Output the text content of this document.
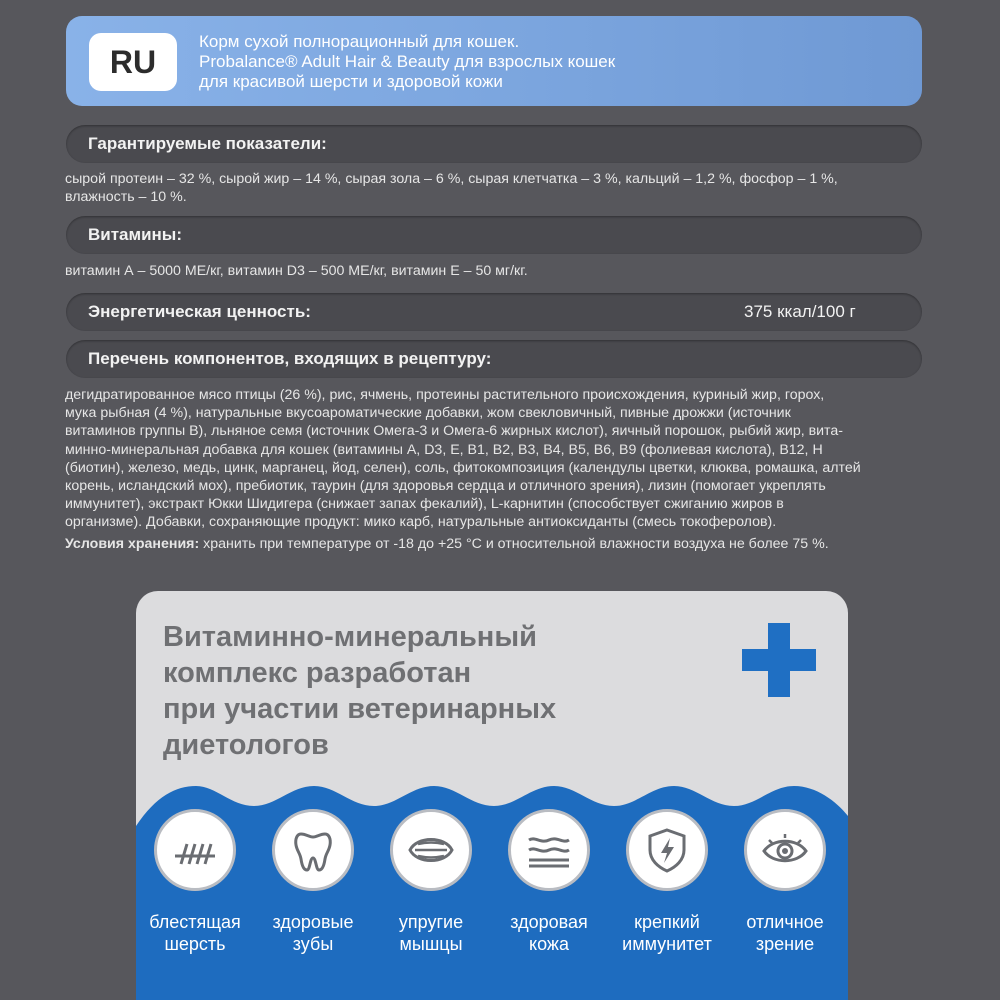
RU
Корм сухой полнорационный для кошек.
Probalance® Adult Hair & Beauty для взрослых кошек
для красивой шерсти и здоровой кожи
Гарантируемые показатели:
сырой протеин – 32 %, сырой жир – 14 %, сырая зола – 6 %, сырая клетчатка – 3 %, кальций – 1,2 %, фосфор – 1 %,
влажность – 10 %.
Витамины:
витамин А – 5000 МЕ/кг, витамин D3 – 500 МЕ/кг, витамин Е – 50 мг/кг.
Энергетическая ценность:	375 ккал/100 г
Перечень компонентов, входящих в рецептуру:
дегидратированное мясо птицы (26 %), рис, ячмень, протеины растительного происхождения, куриный жир, горох,
мука рыбная (4 %), натуральные вкусоароматические добавки, жом свекловичный, пивные дрожжи (источник
витаминов группы В), льняное семя (источник Омега-3 и Омега-6 жирных кислот), яичный порошок, рыбий жир, вита-
минно-минеральная добавка для кошек (витамины A, D3, E, B1, B2, B3, B4, B5, B6, B9 (фолиевая кислота), B12, H
(биотин), железо, медь, цинк, марганец, йод, селен), соль, фитокомпозиция (календулы цветки, клюква, ромашка, алтей
корень, исландский мох), пребиотик, таурин (для здоровья сердца и отличного зрения), лизин (помогает укреплять
иммунитет), экстракт Юкки Шидигера (снижает запах фекалий), L-карнитин (способствует сжиганию жиров в
организме). Добавки, сохраняющие продукт: мико карб, натуральные антиоксиданты (смесь токоферолов).
Условия хранения: хранить при температуре от -18 до +25 °С и относительной влажности воздуха не более 75 %.
Витаминно-минеральный
комплекс разработан
при участии ветеринарных
диетологов
блестящая
шерсть
здоровые
зубы
упругие
мышцы
здоровая
кожа
крепкий
иммунитет
отличное
зрение
